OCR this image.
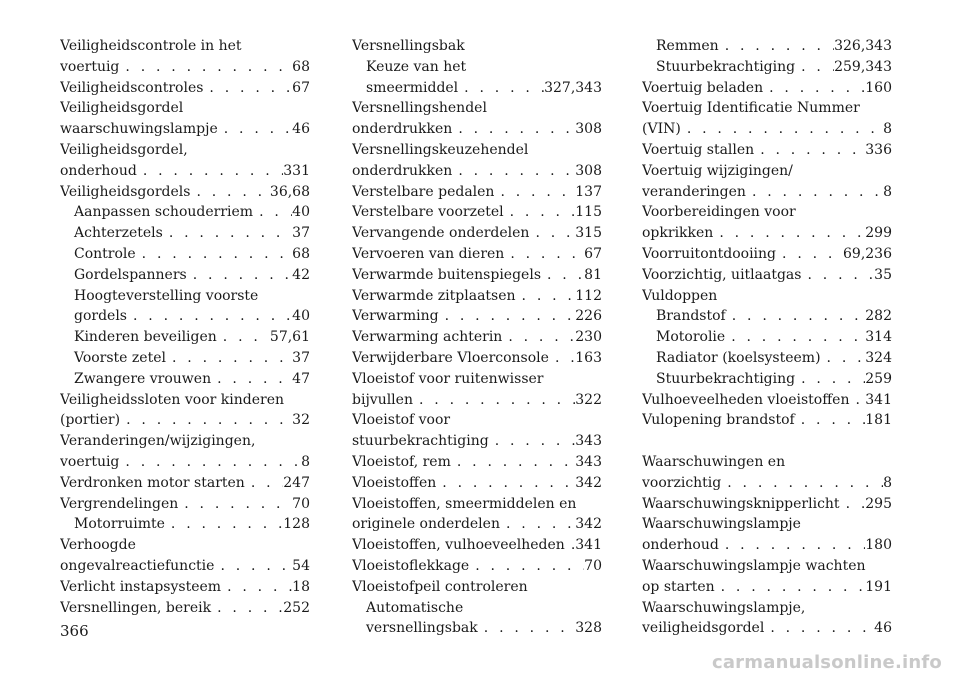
Veiligheidscontrole in het
voertuig . . .	68
Veiligheidscontroles . . .	67
Veiligheidsgordel
waarschuwingslampje . . .	46
Veiligheidsgordel,
onderhoud . . .	331
Veiligheidsgordels . . .	36,68
Aanpassen schouderriem . . .	40
Achterzetels . . .	37
Controle . . .	68
Gordelspanners . . .	42
Hoogteverstelling voorste
gordels . . .	40
Kinderen beveiligen . . .	57,61
Voorste zetel . . .	37
Zwangere vrouwen . . .	47
Veiligheidssloten voor kinderen
(portier) . . .	32
Veranderingen/wijzigingen,
voertuig . . .	8
Verdronken motor starten . . .	247
Vergrendelingen . . .	70
Motorruimte . . .	128
Verhoogde
ongevalreactiefunctie . . .	54
Verlicht instapsysteem . . .	18
Versnellingen, bereik . . .	252
Versnellingsbak
Keuze van het
smeermiddel . . .	327,343
Versnellingshendel
onderdrukken . . .	308
Versnellingskeuzehendel
onderdrukken . . .	308
Verstelbare pedalen . . .	137
Verstelbare voorzetel . . .	115
Vervangende onderdelen . . .	315
Vervoeren van dieren . . .	67
Verwarmde buitenspiegels . . .	81
Verwarmde zitplaatsen . . .	112
Verwarming . . .	226
Verwarming achterin . . .	230
Verwijderbare Vloerconsole . . . 163
Vloeistof voor ruitenwisser
bijvullen . . .	322
Vloeistof voor
stuurbekrachtiging . . .	343
Vloeistof, rem . . .	343
Vloeistoffen . . .	342
Vloeistoffen, smeermiddelen en
originele onderdelen . . .	342
Vloeistoffen, vulhoeveelheden . . . 341
Vloeistoflekkage . . .	70
Vloeistofpeil controleren
Automatische
versnellingsbak . . .	328
Remmen . . .	326,343
Stuurbekrachtiging . . .	259,343
Voertuig beladen . . .	160
Voertuig Identificatie Nummer
(VIN) . . .	8
Voertuig stallen . . .	336
Voertuig wijzigingen/
veranderingen . . .	8
Voorbereidingen voor
opkrikken . . .	299
Voorruitontdooiing . . .	69,236
Voorzichtig, uitlaatgas . . .	35
Vuldoppen
Brandstof . . .	282
Motorolie . . .	314
Radiator (koelsysteem) . . .	324
Stuurbekrachtiging . . .	259
Vulhoeveelheden vloeistoffen . . . 341
Vulopening brandstof . . .	181
Waarschuwingen en
voorzichtig . . .	8
Waarschuwingsknipperlicht . . . 295
Waarschuwingslampje
onderhoud . . .	180
Waarschuwingslampje wachten
op starten . . .	191
Waarschuwingslampje,
veiligheidsgordel . . .	46
366
carmanualsonline.info
